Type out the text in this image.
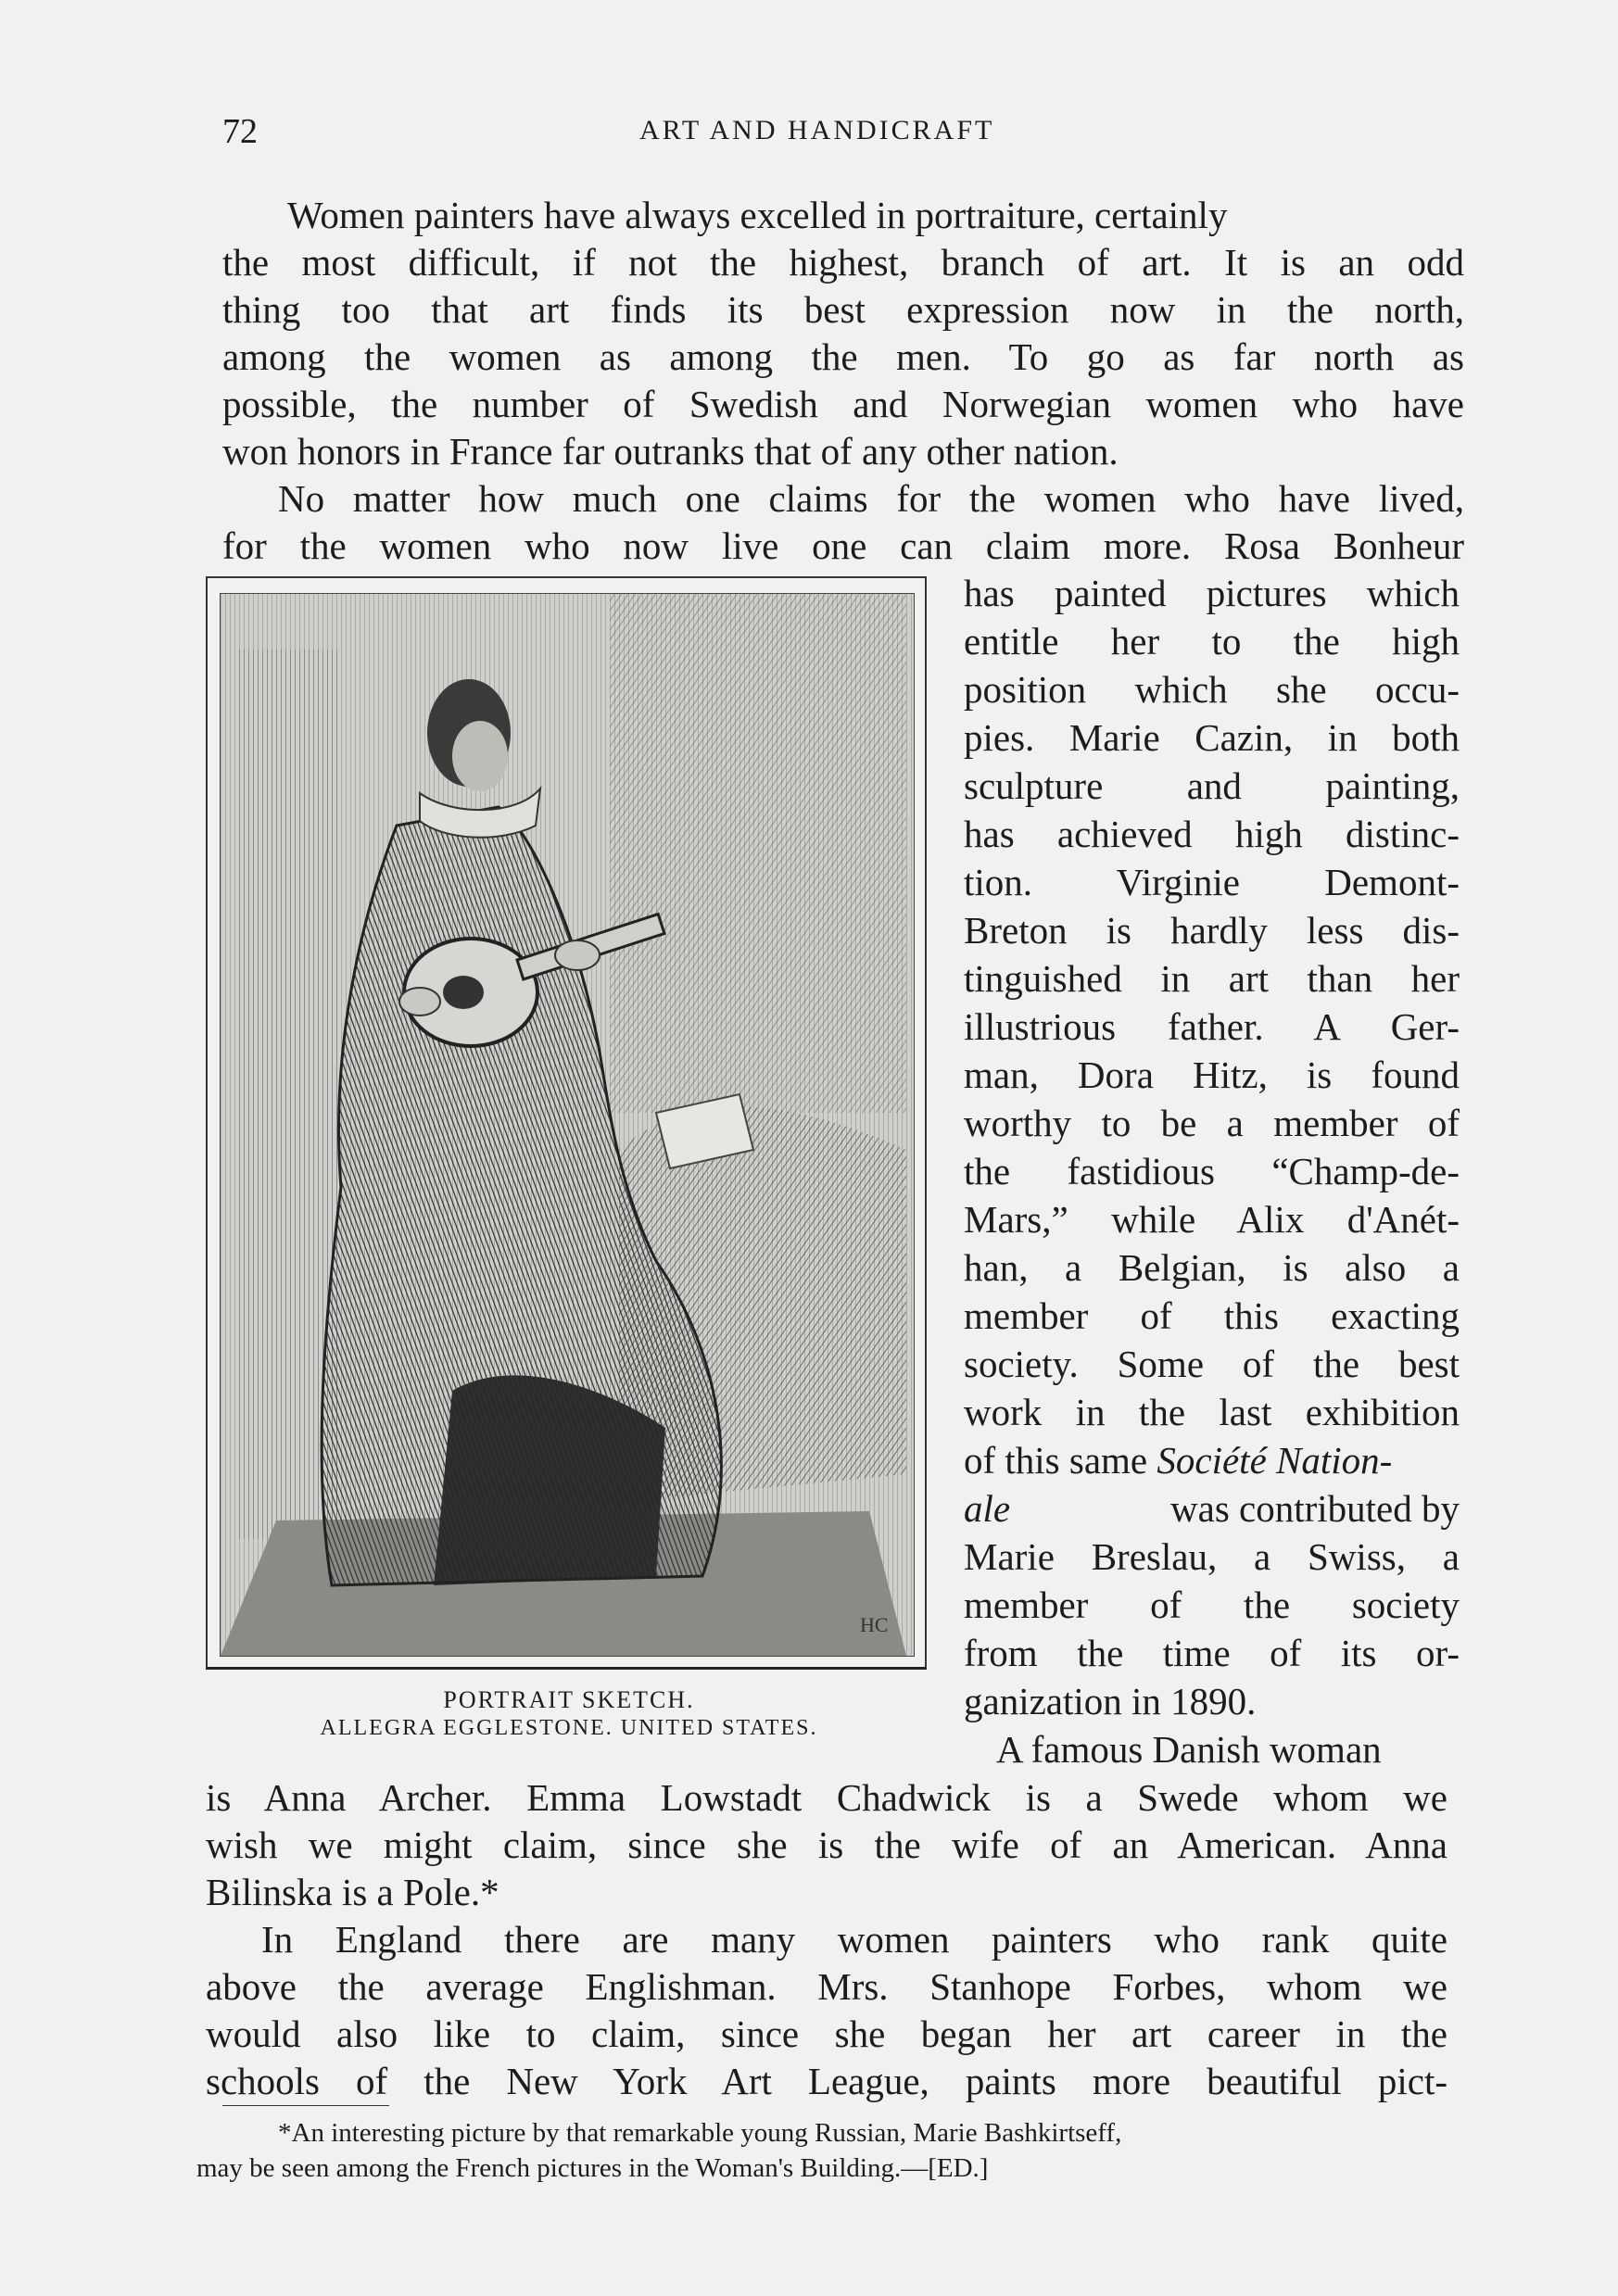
72	ART AND HANDICRAFT
Women painters have always excelled in portraiture, certainly
the most difficult, if not the highest, branch of art. It is an odd
thing too that art finds its best expression now in the north,
among the women as among the men. To go as far north as
possible, the number of Swedish and Norwegian women who have
won honors in France far outranks that of any other nation.
No matter how much one claims for the women who have lived,
for the women who now live one can claim more. Rosa Bonheur
HC
PORTRAIT SKETCH.
ALLEGRA EGGLESTONE. UNITED STATES.
has painted pictures which
entitle her to the high
position which she occu-
pies. Marie Cazin, in both
sculpture and painting,
has achieved high distinc-
tion. Virginie Demont-
Breton is hardly less dis-
tinguished in art than her
illustrious father. A Ger-
man, Dora Hitz, is found
worthy to be a member of
the fastidious “Champ-de-
Mars,” while Alix d'Anét-
han, a Belgian, is also a
member of this exacting
society. Some of the best
work in the last exhibition
of this same Société Nation-
ale	was contributed by
Marie Breslau, a Swiss, a
member of the society
from the time of its or-
ganization in 1890.
A famous Danish woman
is Anna Archer. Emma Lowstadt Chadwick is a Swede whom we
wish we might claim, since she is the wife of an American. Anna
Bilinska is a Pole.*
In England there are many women painters who rank quite
above the average Englishman. Mrs. Stanhope Forbes, whom we
would also like to claim, since she began her art career in the
schools of the New York Art League, paints more beautiful pict-
*An interesting picture by that remarkable young Russian, Marie Bashkirtseff,
may be seen among the French pictures in the Woman's Building.—[ED.]
